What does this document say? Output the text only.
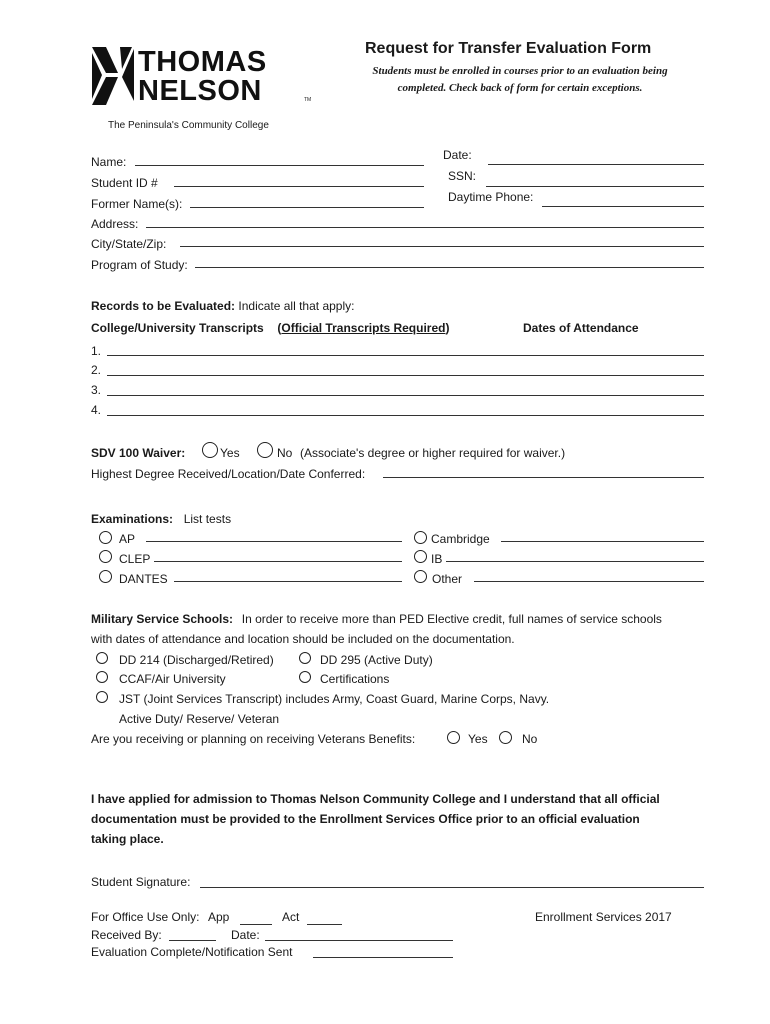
THOMAS
NELSON	TM
The Peninsula's Community College
Request for Transfer Evaluation Form
Students must be enrolled in courses prior to an evaluation being completed. Check back of form for certain exceptions.
Name:
Student ID #
Former Name(s):
Date:
SSN:
Daytime Phone:
Address:
City/State/Zip:
Program of Study:
Records to be Evaluated: Indicate all that apply:
College/University Transcripts (Official Transcripts Required)	Dates of Attendance
1.
2.
3.
4.
SDV 100 Waiver:	Yes	No (Associate's degree or higher required for waiver.)
Highest Degree Received/Location/Date Conferred:
Examinations: List tests
AP
CLEP
DANTES
Cambridge
IB
Other
Military Service Schools: In order to receive more than PED Elective credit, full names of service schools
with dates of attendance and location should be included on the documentation.
DD 214 (Discharged/Retired)	DD 295 (Active Duty)
CCAF/Air University	Certifications
JST (Joint Services Transcript) includes Army, Coast Guard, Marine Corps, Navy.
Active Duty/ Reserve/ Veteran
Are you receiving or planning on receiving Veterans Benefits:	Yes	No
I have applied for admission to Thomas Nelson Community College and I understand that all official
documentation must be provided to the Enrollment Services Office prior to an official evaluation
taking place.
Student Signature:
For Office Use Only: App	Act	Enrollment Services 2017
Received By:	Date:
Evaluation Complete/Notification Sent
